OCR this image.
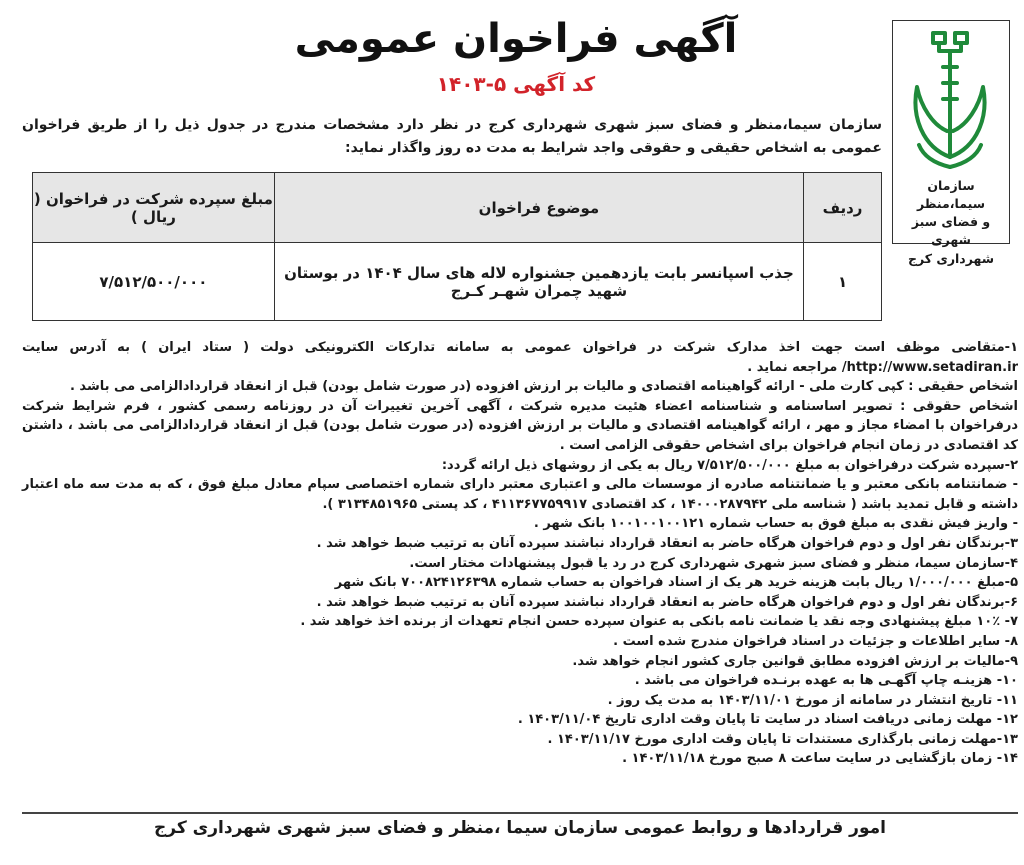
سازمان سیما،منظر
و فضای سبز شهری
شهرداری کرج
آگهی فراخوان عمومی
کد آگهی ۵-۱۴۰۳
سازمان سیما،منظر و فضای سبز شهری شهرداری کرج در نظر دارد مشخصات مندرج در جدول ذیل را از طریق فراخوان عمومی به اشخاص حقیقی و حقوقی واجد شرایط به مدت ده روز واگذار نماید:
ردیف	موضوع فراخوان	مبلغ سپرده شرکت در فراخوان ( ریال )
۱	جذب اسپانسر بابت یازدهمین جشنواره لاله های سال ۱۴۰۴ در بوستان شهید چمران شهـر کـرج	۷/۵۱۲/۵۰۰/۰۰۰

۱-متقاضی موظف است جهت اخذ مدارک شرکت در فراخوان عمومی به سامانه تدارکات الکترونیکی دولت ( ستاد ایران ) به آدرس سایت http://www.setadiran.ir/ مراجعه نماید .

اشخاص حقیقی : کپی کارت ملی - ارائه گواهینامه اقتصادی و مالیات بر ارزش افزوده (در صورت شامل بودن) قبل از انعقاد قراردادالزامی می باشد .

اشخاص حقوقی : تصویر اساسنامه و شناسنامه اعضاء هئیت مدیره شرکت ، آگهی آخرین تغییرات آن در روزنامه رسمی کشور ، فرم شرایط شرکت درفراخوان با امضاء مجاز و مهر ، ارائه گواهینامه اقتصادی و مالیات بر ارزش افزوده (در صورت شامل بودن) قبل از انعقاد قراردادالزامی می باشد ، داشتن کد اقتصادی در زمان انجام فراخوان برای اشخاص حقوقی الزامی است .

۲-سپرده شرکت درفراخوان به مبلغ ۷/۵۱۲/۵۰۰/۰۰۰ ریال به یکی از روشهای ذیل ارائه گردد:

- ضمانتنامه بانکی معتبر و یا ضمانتنامه صادره از موسسات مالی و اعتباری معتبر دارای شماره اختصاصی سپام معادل مبلغ فوق ، که به مدت سه ماه اعتبار داشته و قابل تمدید باشد ( شناسه ملی ۱۴۰۰۰۲۸۷۹۴۲ ، کد اقتصادی ۴۱۱۳۶۷۷۵۹۹۱۷ ، کد پستی ۳۱۳۴۸۵۱۹۶۵ ).

- واریز فیش نقدی به مبلغ فوق به حساب شماره ۱۰۰۱۰۰۱۰۰۱۲۱ بانک شهر .

۳-برندگان نفر اول و دوم فراخوان هرگاه حاضر به انعقاد قرارداد نباشند سپرده آنان به ترتیب ضبط خواهد شد .

۴-سازمان سیما، منظر و فضای سبز شهری شهرداری کرج در رد یا قبول پیشنهادات مختار است.

۵-مبلغ ۱/۰۰۰/۰۰۰ ریال بابت هزینه خرید هر یک از اسناد فراخوان به حساب شماره ۷۰۰۸۲۴۱۲۶۳۹۸ بانک شهر

۶-برندگان نفر اول و دوم فراخوان هرگاه حاضر به انعقاد قرارداد نباشند سپرده آنان به ترتیب ضبط خواهد شد .

۷- ۱۰٪ مبلغ پیشنهادی وجه نقد یا ضمانت نامه بانکی به عنوان سپرده حسن انجام تعهدات از برنده اخذ خواهد شد .

۸- سایر اطلاعات و جزئیات در اسناد فراخوان مندرج شده است .

۹-مالیات بر ارزش افزوده مطابق قوانین جاری کشور انجام خواهد شد.

۱۰- هزینـه چاپ آگهـی ها به عهده برنـده فراخوان می باشد .

۱۱- تاریخ انتشار در سامانه از مورخ ۱۴۰۳/۱۱/۰۱ به مدت یک روز .

۱۲- مهلت زمانی دریافت اسناد در سایت تا پایان وقت اداری تاریخ ۱۴۰۳/۱۱/۰۴ .

۱۳-مهلت زمانی بارگذاری مستندات تا پایان وقت اداری مورخ ۱۴۰۳/۱۱/۱۷ .

۱۴- زمان بازگشایی در سایت ساعت ۸ صبح مورخ ۱۴۰۳/۱۱/۱۸ .

امور قراردادها و روابط عمومی سازمان سیما ،منظر و فضای سبز شهری شهرداری کرج
